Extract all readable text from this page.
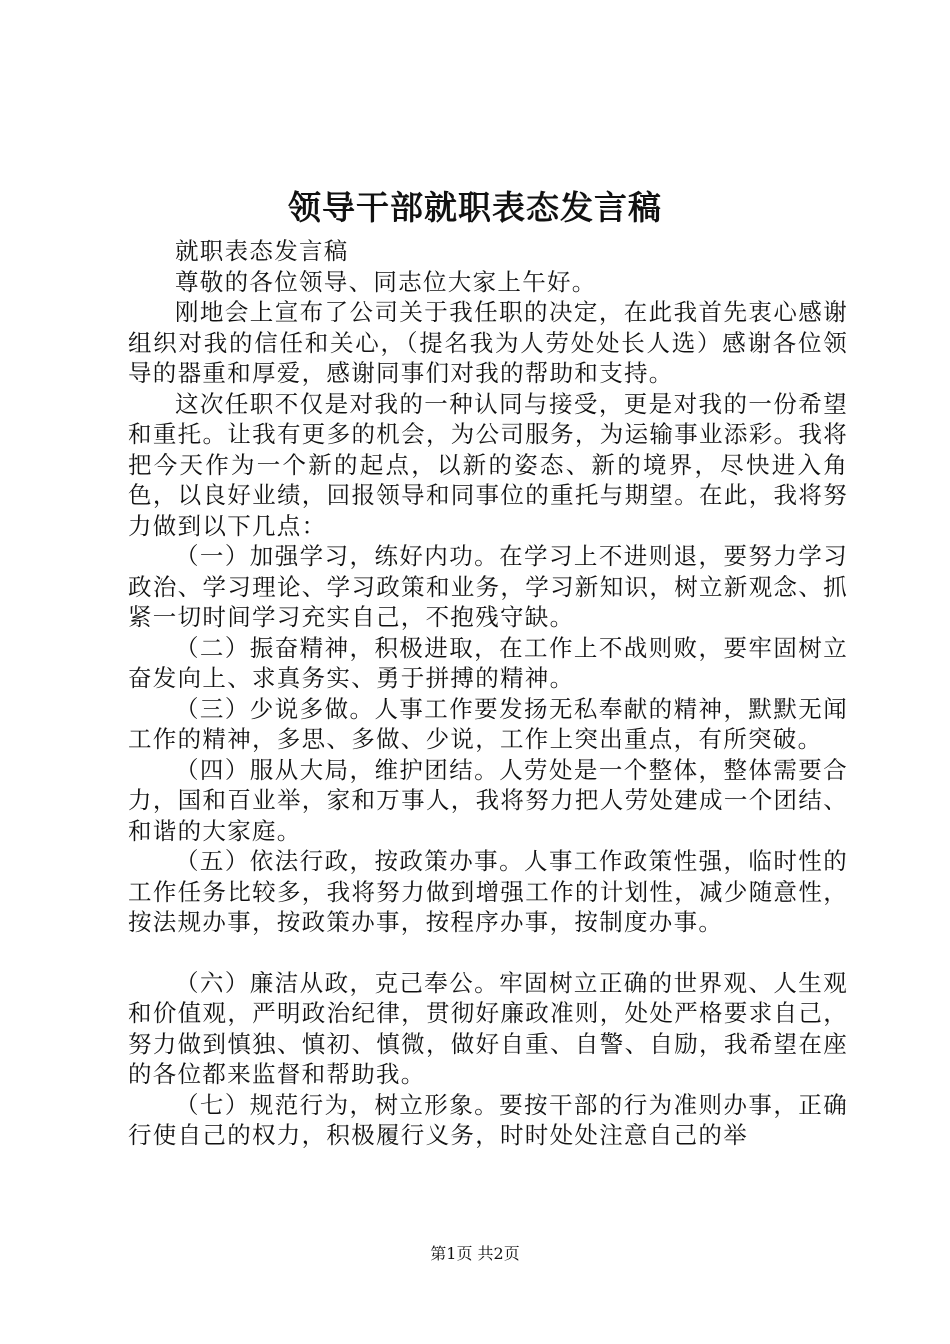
领导干部就职表态发言稿

就职表态发言稿

尊敬的各位领导、同志位大家上午好。

刚地会上宣布了公司关于我任职的决定，在此我首先衷心感谢组织对我的信任和关心，（提名我为人劳处处长人选）感谢各位领导的器重和厚爱，感谢同事们对我的帮助和支持。

这次任职不仅是对我的一种认同与接受，更是对我的一份希望和重托。让我有更多的机会，为公司服务，为运输事业添彩。我将把今天作为一个新的起点，以新的姿态、新的境界，尽快进入角色，以良好业绩，回报领导和同事位的重托与期望。在此，我将努力做到以下几点：

（一）加强学习，练好内功。在学习上不进则退，要努力学习政治、学习理论、学习政策和业务，学习新知识，树立新观念、抓紧一切时间学习充实自己，不抱残守缺。

（二）振奋精神，积极进取，在工作上不战则败，要牢固树立奋发向上、求真务实、勇于拼搏的精神。

（三）少说多做。人事工作要发扬无私奉献的精神，默默无闻工作的精神，多思、多做、少说，工作上突出重点，有所突破。

（四）服从大局，维护团结。人劳处是一个整体，整体需要合力，国和百业举，家和万事人，我将努力把人劳处建成一个团结、和谐的大家庭。

（五）依法行政，按政策办事。人事工作政策性强，临时性的工作任务比较多，我将努力做到增强工作的计划性，减少随意性，按法规办事，按政策办事，按程序办事，按制度办事。

（六）廉洁从政，克己奉公。牢固树立正确的世界观、人生观和价值观，严明政治纪律，贯彻好廉政准则，处处严格要求自己，努力做到慎独、慎初、慎微，做好自重、自警、自励，我希望在座的各位都来监督和帮助我。

（七）规范行为，树立形象。要按干部的行为准则办事，正确行使自己的权力，积极履行义务，时时处处注意自己的举

第1页 共2页
